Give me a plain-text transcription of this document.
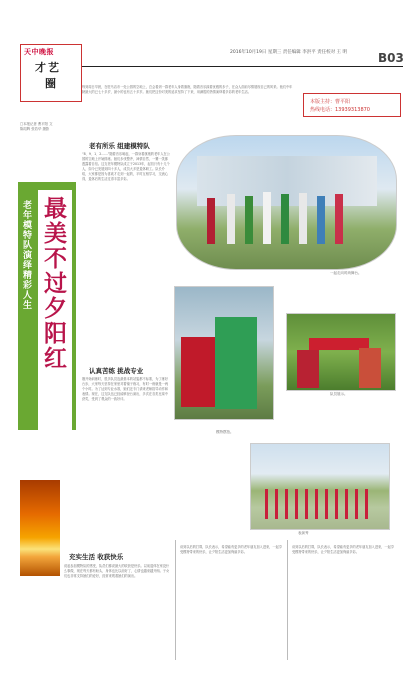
天中晚报
才艺
圈
2016年10月19日 星期三 责任编辑 李洪平 责任校对 王 明	B03
每到周日早晨，在驻马店市一处公园的空地上，总会看到一群老年人身着旗袍，随着音乐踩着优雅的步子，在众人面前尽情展现自己的风采。他们中年龄最大的已七十多岁，最小的也有五十多岁。她们把这份对美的追求坚持了下来，用满腔的热情演绎着多彩的老年生活。
本版主持：曹平阳
热线电话：13939313870
□本报记者 曹平阳 文
陈绍辉 张若华 摄影
老年模特队演绎精彩人生 最美不过夕阳红
老有所乐 组建模特队
“8、9、1、2……”随着音乐响起，一群身着旗袍的老年人在公园的空地上开始排练。她们步伐整齐，神情自然，一颦一笑都透露着自信。这支老年模特队成立于2013年，起初只有十几个人，如今已发展到四十多人，成员大多是退休职工。队长介绍，大家都是因为喜欢才走到一起的，平时互相学习，交流心得，退休后的生活过得丰富多彩。
认真苦练 挑战专业
刚开始训练时，很多队员连最基本的站姿都不标准，为了练好台步，大家每天坚持在家里对着镜子练习，有时一练就是一两个小时。为了达到专业水准，她们还专门请来老师指导动作和表情。现在，这支队伍已经能够登台演出，多次在各类比赛中获奖，受到了观众的一致好评。
充实生活 收获快乐
说起参加模特队的感受，队员们都说最大的收获是快乐。以前退休在家没什么事做，现在每天都有盼头，身体也比以前好了，心情也越来越开朗。子女们也非常支持她们的爱好，经常来观看她们的演出。
谈到以后的打算，队长表示，希望能有更多的老年朋友加入进来，一起享受模特带来的快乐，让夕阳生活更加绚丽多彩。
谈到以后的打算，队长表示，希望能有更多的老年朋友加入进来，一起享受模特带来的快乐，让夕阳生活更加绚丽多彩。
一起走向时尚舞台。
模特摆拍。
队员展示。
表演秀
